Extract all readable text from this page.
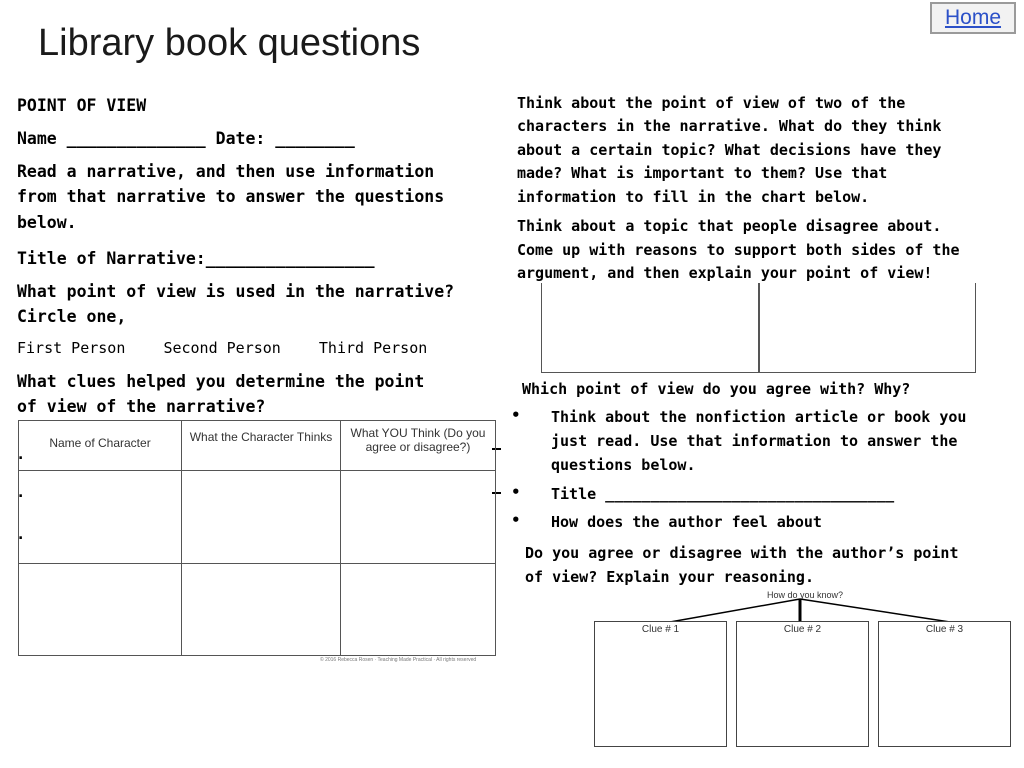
Library book questions
Home
POINT OF VIEW
Name ______________ Date: ________
Read a narrative, and then use information
from that narrative to answer the questions
below.
Title of Narrative:_________________
What point of view is used in the narrative?
Circle one,
First Person	Second Person	Third Person
What clues helped you determine the point
of view of the narrative?
.
.
.
Name of Character	What the Character Thinks	What YOU Think (Do you agree or disagree?)

© 2016 Rebecca Rosen · Teaching Made Practical · All rights reserved
Think about the point of view of two of the
characters in the narrative. What do they think
about a certain topic? What decisions have they
made? What is important to them? Use that
information to fill in the chart below.
Think about a topic that people disagree about.
Come up with reasons to support both sides of the
argument, and then explain your point of view!
Which point of view do you agree with? Why?
• Think about the nonfiction article or book you
just read. Use that information to answer the
questions below.
• Title ________________________________
• How does the author feel about
Do you agree or disagree with the author’s point
of view? Explain your reasoning.
How do you know?
Clue # 1	Clue # 2	Clue # 3
